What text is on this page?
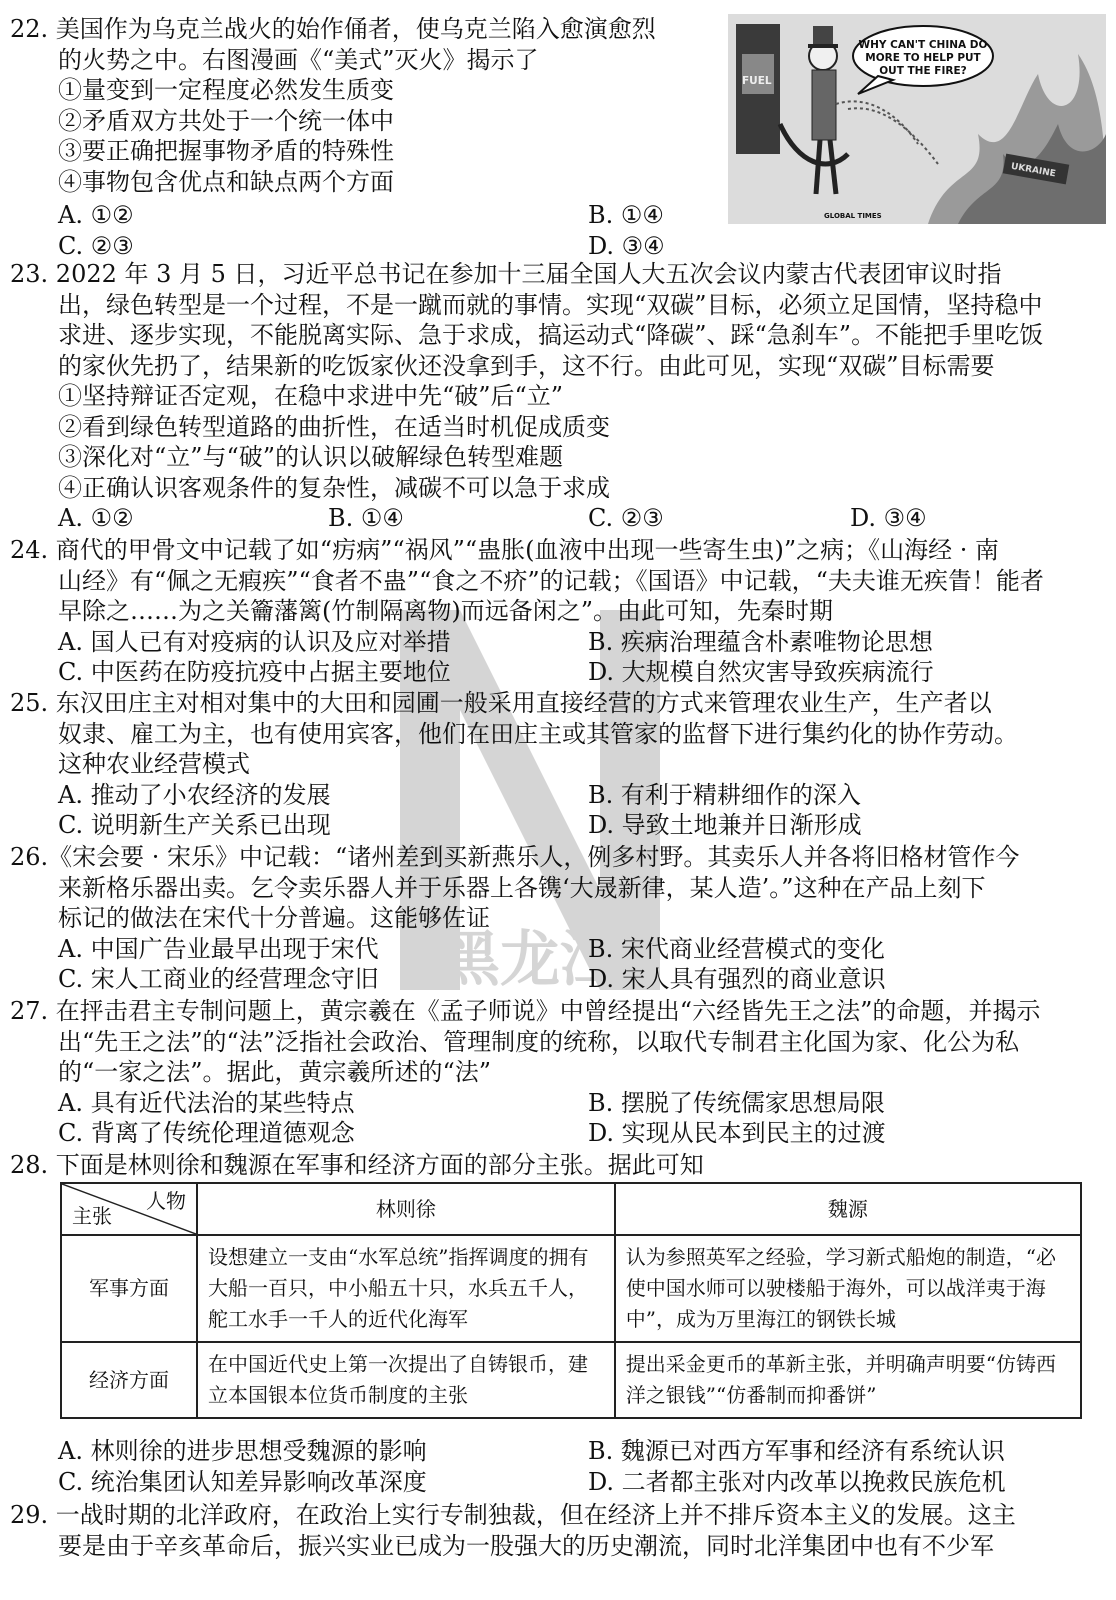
22. 美国作为乌克兰战火的始作俑者，使乌克兰陷入愈演愈烈
的火势之中。右图漫画《“美式”灭火》揭示了
①量变到一定程度必然发生质变
②矛盾双方共处于一个统一体中
③要正确把握事物矛盾的特殊性
④事物包含优点和缺点两个方面
A. ①②	B. ①④
C. ②③	D. ③④
FUEL
WHY CAN'T CHINA DO
MORE TO HELP PUT
OUT THE FIRE?
UKRAINE
GLOBAL TIMES
23. 2022 年 3 月 5 日，习近平总书记在参加十三届全国人大五次会议内蒙古代表团审议时指
出，绿色转型是一个过程，不是一蹴而就的事情。实现“双碳”目标，必须立足国情，坚持稳中
求进、逐步实现，不能脱离实际、急于求成，搞运动式“降碳”、踩“急刹车”。不能把手里吃饭
的家伙先扔了，结果新的吃饭家伙还没拿到手，这不行。由此可见，实现“双碳”目标需要
①坚持辩证否定观，在稳中求进中先“破”后“立”
②看到绿色转型道路的曲折性，在适当时机促成质变
③深化对“立”与“破”的认识以破解绿色转型难题
④正确认识客观条件的复杂性，减碳不可以急于求成
A. ①②	B. ①④	C. ②③	D. ③④
24. 商代的甲骨文中记载了如“疠病”“祸风”“蛊胀(血液中出现一些寄生虫)”之病；《山海经 · 南
山经》有“佩之无瘕疾”“食者不蛊”“食之不疥”的记载；《国语》中记载，“夫夫谁无疾眚！能者
早除之……为之关籥藩篱(竹制隔离物)而远备闲之”。由此可知，先秦时期
A. 国人已有对疫病的认识及应对举措	B. 疾病治理蕴含朴素唯物论思想
C. 中医药在防疫抗疫中占据主要地位	D. 大规模自然灾害导致疾病流行
25. 东汉田庄主对相对集中的大田和园圃一般采用直接经营的方式来管理农业生产，生产者以
奴隶、雇工为主，也有使用宾客，他们在田庄主或其管家的监督下进行集约化的协作劳动。
这种农业经营模式
A. 推动了小农经济的发展	B. 有利于精耕细作的深入
C. 说明新生产关系已出现	D. 导致土地兼并日渐形成
26.《宋会要 · 宋乐》中记载：“诸州差到买新燕乐人，例多村野。其卖乐人并各将旧格材管作今
来新格乐器出卖。乞令卖乐器人并于乐器上各镌‘大晟新律，某人造’。”这种在产品上刻下
标记的做法在宋代十分普遍。这能够佐证
A. 中国广告业最早出现于宋代	B. 宋代商业经营模式的变化
C. 宋人工商业的经营理念守旧	D. 宋人具有强烈的商业意识
27. 在抨击君主专制问题上，黄宗羲在《孟子师说》中曾经提出“六经皆先王之法”的命题，并揭示
出“先王之法”的“法”泛指社会政治、管理制度的统称，以取代专制君主化国为家、化公为私
的“一家之法”。据此，黄宗羲所述的“法”
A. 具有近代法治的某些特点	B. 摆脱了传统儒家思想局限
C. 背离了传统伦理道德观念	D. 实现从民本到民主的过渡
28. 下面是林则徐和魏源在军事和经济方面的部分主张。据此可知
人物
主张	林则徐	魏源
军事方面	设想建立一支由“水军总统”指挥调度的拥有大船一百只，中小船五十只，水兵五千人，舵工水手一千人的近代化海军	认为参照英军之经验，学习新式船炮的制造，“必使中国水师可以驶楼船于海外，可以战洋夷于海中”，成为万里海江的钢铁长城
经济方面	在中国近代史上第一次提出了自铸银币，建立本国银本位货币制度的主张	提出采金更币的革新主张，并明确声明要“仿铸西洋之银钱”“仿番制而抑番饼”
A. 林则徐的进步思想受魏源的影响	B. 魏源已对西方军事和经济有系统认识
C. 统治集团认知差异影响改革深度	D. 二者都主张对内改革以挽救民族危机
29. 一战时期的北洋政府，在政治上实行专制独裁，但在经济上并不排斥资本主义的发展。这主
要是由于辛亥革命后，振兴实业已成为一股强大的历史潮流，同时北洋集团中也有不少军
黑龙江
